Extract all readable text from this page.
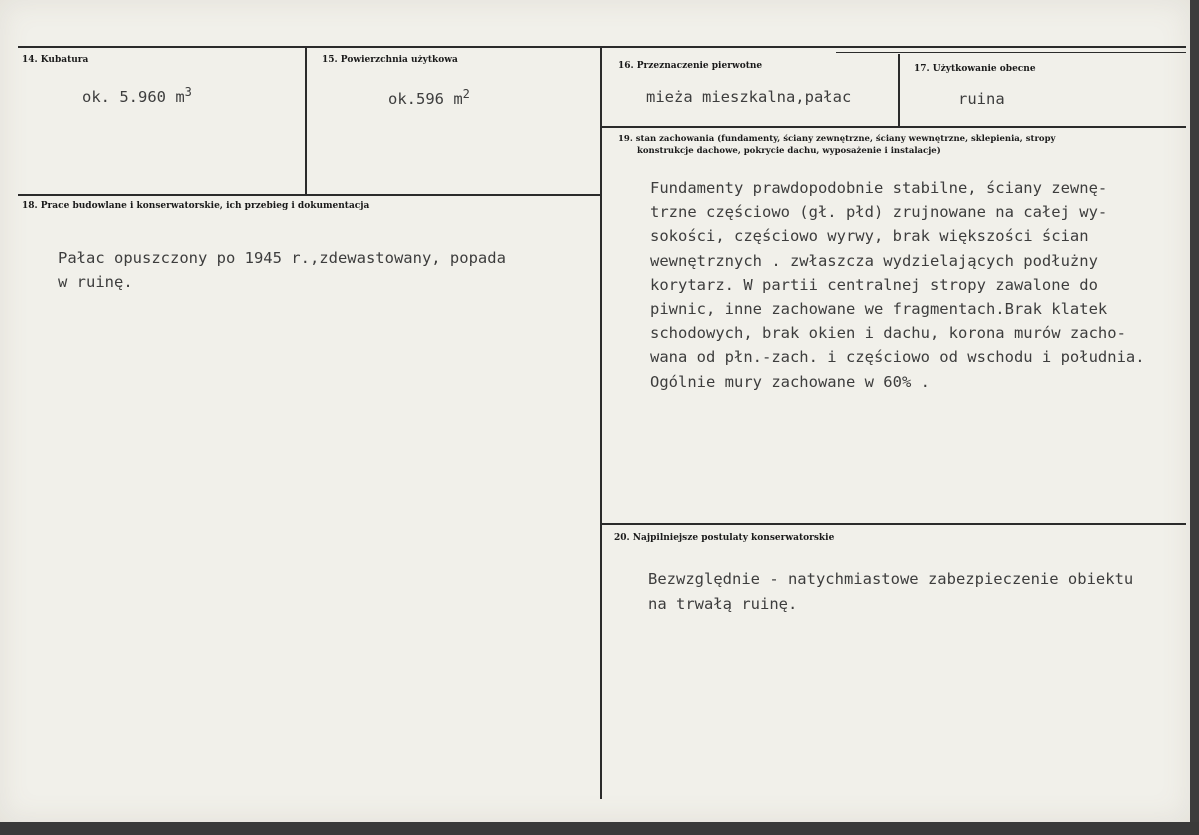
14. Kubatura
ok. 5.960 $m^3$
15. Powierzchnia użytkowa
ok.596 $m^2$
16. Przeznaczenie pierwotne
mieża mieszkalna,pałac
17. Użytkowanie obecne
ruina
18. Prace budowlane i konserwatorskie, ich przebieg i dokumentacja
Pałac opuszczony po 1945 r.,zdewastowany, popada
w ruinę.
19. stan zachowania (fundamenty, ściany zewnętrzne, ściany wewnętrzne, sklepienia, stropy
konstrukcje dachowe, pokrycie dachu, wyposażenie i instalacje)
Fundamenty prawdopodobnie stabilne, ściany zewnę-
trzne częściowo (gł. płd) zrujnowane na całej wy-
sokości, częściowo wyrwy, brak większości ścian
wewnętrznych . zwłaszcza wydzielających podłużny
korytarz. W partii centralnej stropy zawalone do
piwnic, inne zachowane we fragmentach.Brak klatek
schodowych, brak okien i dachu, korona murów zacho-
wana od płn.-zach. i częściowo od wschodu i południa.
Ogólnie mury zachowane w 60% .
20. Najpilniejsze postulaty konserwatorskie
Bezwzględnie - natychmiastowe zabezpieczenie obiektu
na trwałą ruinę.
